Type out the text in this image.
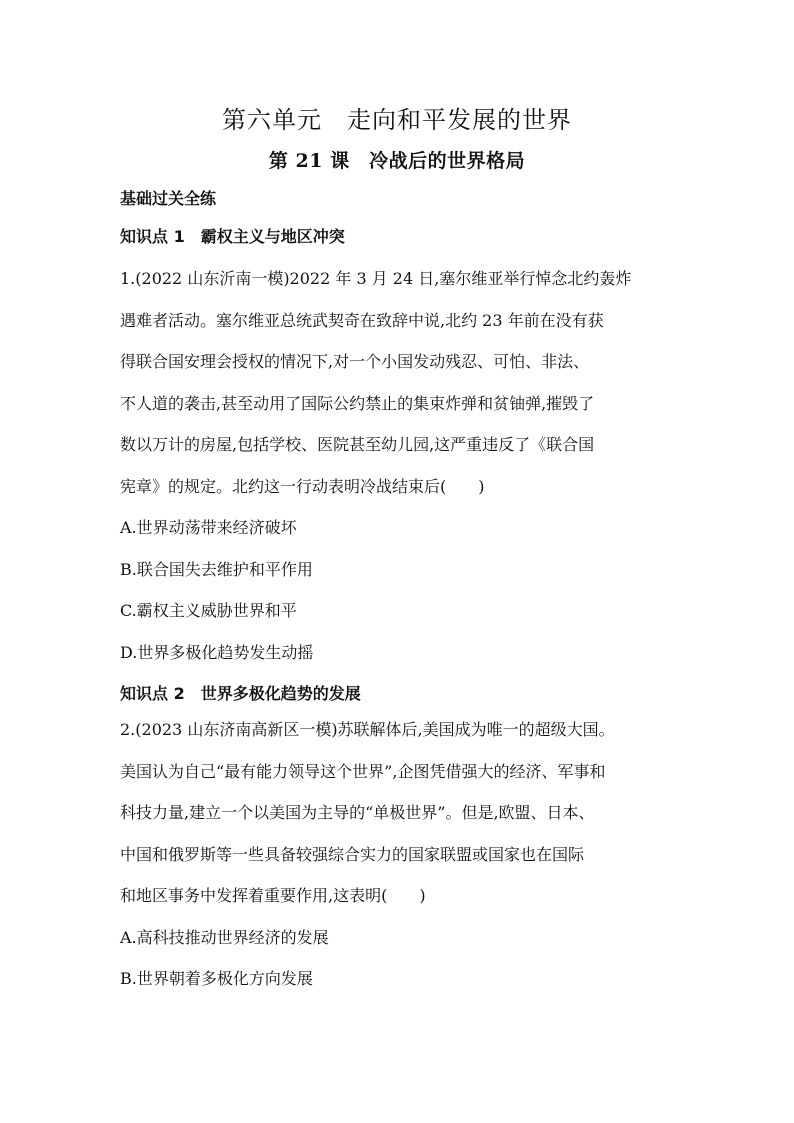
第六单元　走向和平发展的世界
第 21 课　冷战后的世界格局

基础过关全练

知识点 1　霸权主义与地区冲突

1.(2022 山东沂南一模)2022 年 3 月 24 日,塞尔维亚举行悼念北约轰炸

遇难者活动。塞尔维亚总统武契奇在致辞中说,北约 23 年前在没有获

得联合国安理会授权的情况下,对一个小国发动残忍、可怕、非法、

不人道的袭击,甚至动用了国际公约禁止的集束炸弹和贫铀弹,摧毁了

数以万计的房屋,包括学校、医院甚至幼儿园,这严重违反了《联合国

宪章》的规定。北约这一行动表明冷战结束后(　　)

A.世界动荡带来经济破坏

B.联合国失去维护和平作用

C.霸权主义威胁世界和平

D.世界多极化趋势发生动摇

知识点 2　世界多极化趋势的发展

2.(2023 山东济南高新区一模)苏联解体后,美国成为唯一的超级大国。

美国认为自己“最有能力领导这个世界”,企图凭借强大的经济、军事和

科技力量,建立一个以美国为主导的“单极世界”。但是,欧盟、日本、

中国和俄罗斯等一些具备较强综合实力的国家联盟或国家也在国际

和地区事务中发挥着重要作用,这表明(　　)

A.高科技推动世界经济的发展

B.世界朝着多极化方向发展
